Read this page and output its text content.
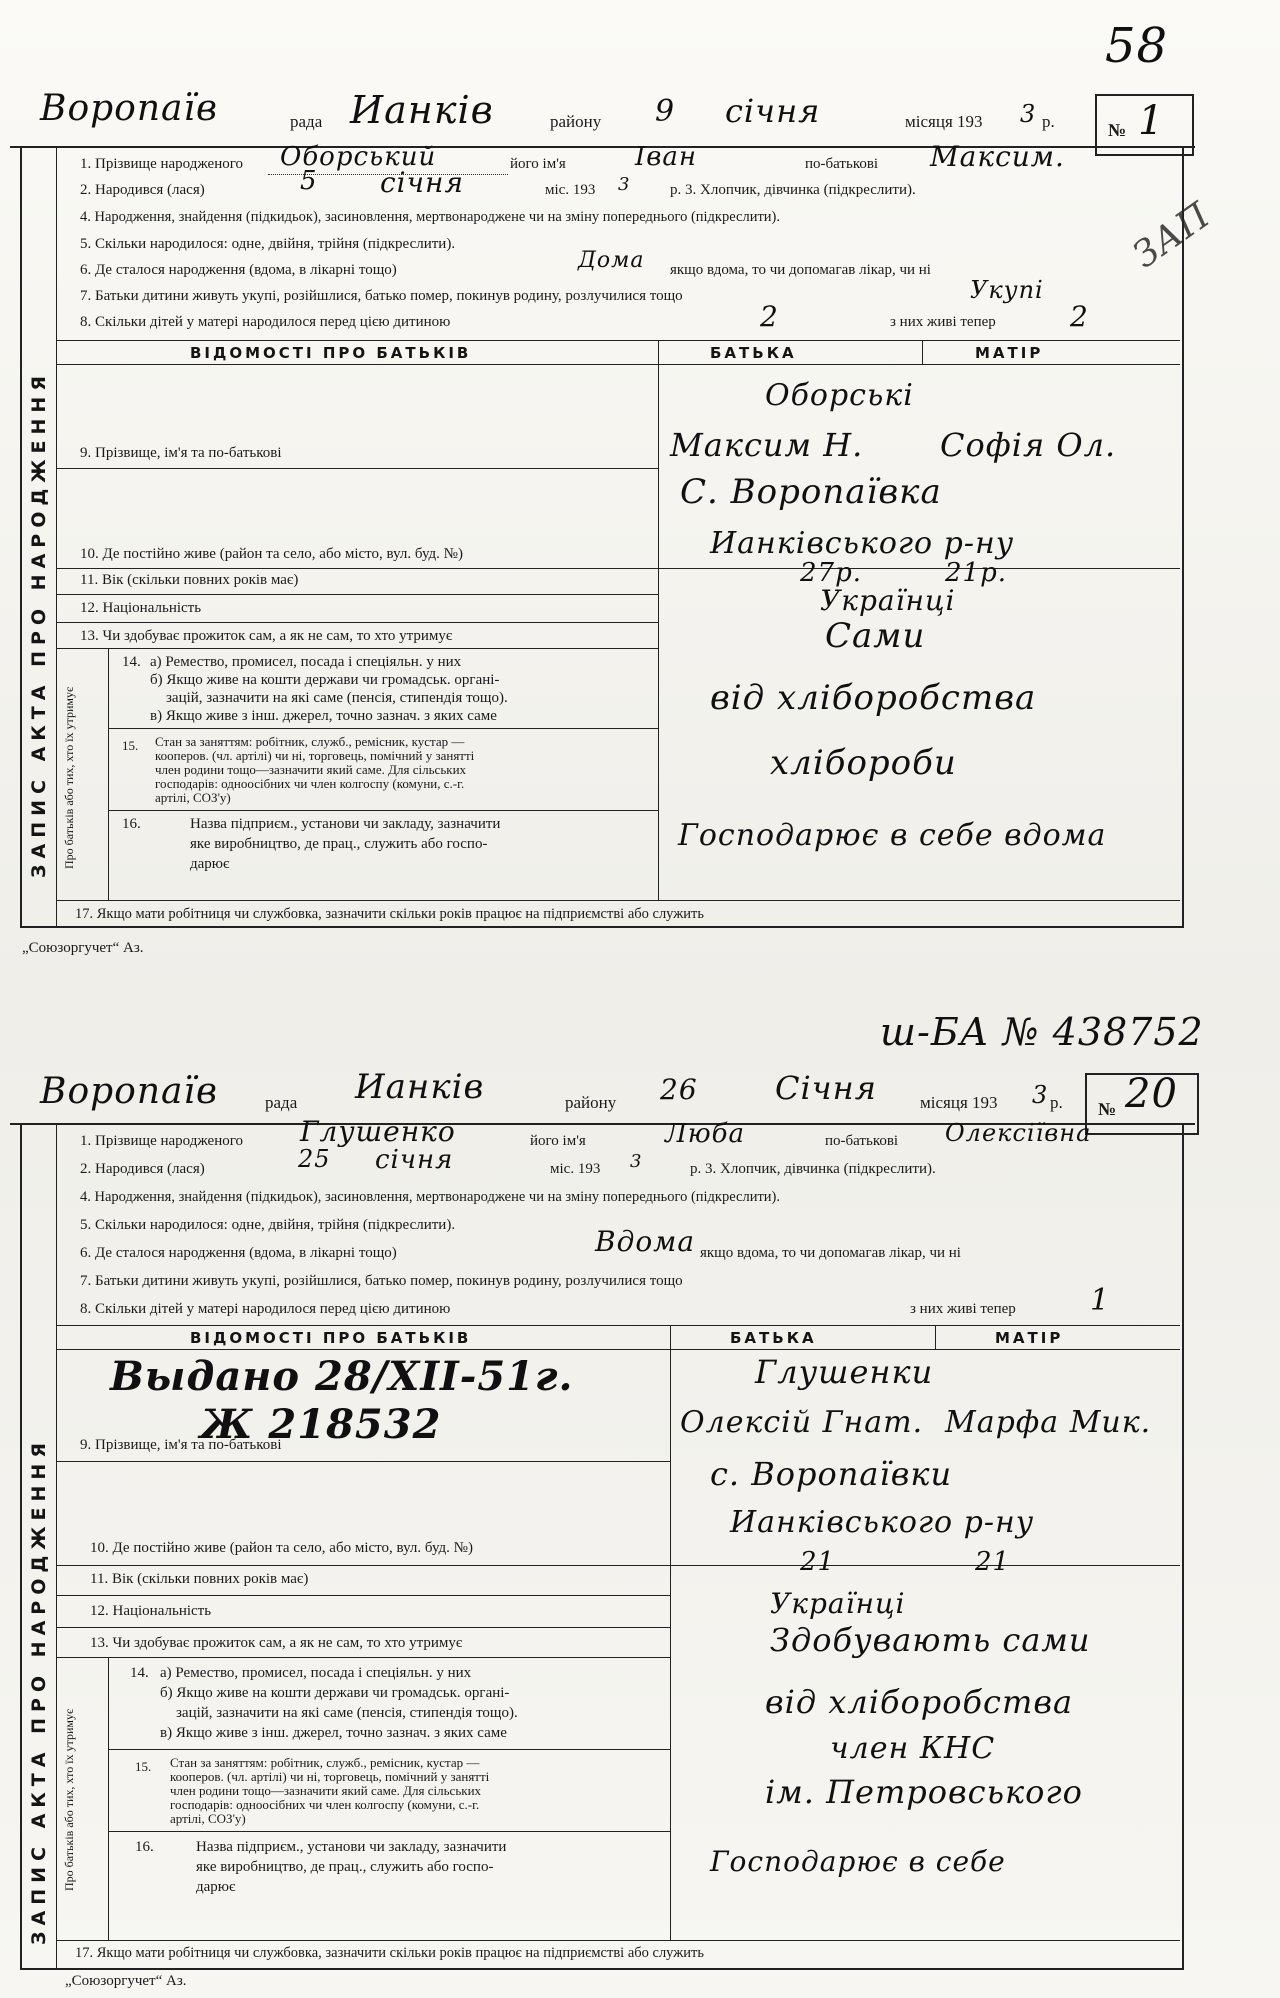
58
ЗАП
Воропаїв	рада Ианків	району 9 січня	місяця 193 3 р.	№ 1
ЗАПИС АКТА ПРО НАРОДЖЕННЯ
1. Прізвище народженого Оборський	його ім'я	Іван	по-батькові Максим.
2. Народився (лася)	5 січня	міс. 193 3	р. 3. Хлопчик, дівчинка (підкреслити).
4. Народження, знайдення (підкидьок), засиновлення, мертвонароджене чи на зміну попереднього (підкреслити).
5. Скільки народилося: одне, двійня, трійня (підкреслити).
6. Де сталося народження (вдома, в лікарні тощо)	Дома якщо вдома, то чи допомагав лікар, чи ні
7. Батьки дитини живуть укупі, розійшлися, батько помер, покинув родину, розлучилися тощо	Укупі
8. Скільки дітей у матері народилося перед цією дитиною	2	з них живі тепер	2
ВІДОМОСТІ ПРО БАТЬКІВ	БАТЬКА	МАТІР
Оборські
9. Прізвище, ім'я та по-батькові	Максим Н. Софія Ол.
С. Воропаївка
10. Де постійно живе (район та село, або місто, вул. буд. №)	Ианківського р-ну
11. Вік (скільки повних років має)	27р.	21р.
12. Національність	Українці
13. Чи здобуває прожиток сам, а як не сам, то хто утримує	Сами
Про батьків або тих, хто їх утримує
14. а) Ремество, промисел, посада і спеціяльн. у них
б) Якщо живе на кошти держави чи громадськ. органі-
зацій, зазначити на які саме (пенсія, стипендія тощо).
в) Якщо живе з інш. джерел, точно зазнач. з яких саме	від хліборобства
15. Стан за заняттям: робітник, служб., ремісник, кустар —
кооперов. (чл. артілі) чи ні, торговець, помічний у занятті
член родини тощо—зазначити який саме. Для сільських
господарів: одноосібних чи член колгоспу (комуни, с.-г.
артілі, СОЗ'у)
хлібороби
16.	Назва підприєм., установи чи закладу, зазначити
яке виробництво, де прац., служить або госпо-
дарює
Господарює в себе вдома
17. Якщо мати робітниця чи службовка, зазначити скільки років працює на підприємстві або служить
„Союзоргучет“ Аз.
ш-БА № 438752
Воропаїв	рада Ианків	району 26 Січня	місяця 193 3 р. № 20
ЗАПИС АКТА ПРО НАРОДЖЕННЯ
1. Прізвище народженого Глушенко	його ім'я	Люба	по-батькові Олексіївна
2. Народився (лася)	25 січня	міс. 193 3	р. 3. Хлопчик, дівчинка (підкреслити).
4. Народження, знайдення (підкидьок), засиновлення, мертвонароджене чи на зміну попереднього (підкреслити).
5. Скільки народилося: одне, двійня, трійня (підкреслити).
6. Де сталося народження (вдома, в лікарні тощо)	Вдома якщо вдома, то чи допомагав лікар, чи ні
7. Батьки дитини живуть укупі, розійшлися, батько помер, покинув родину, розлучилися тощо
8. Скільки дітей у матері народилося перед цією дитиною	з них живі тепер 1
ВІДОМОСТІ ПРО БАТЬКІВ	БАТЬКА	МАТІР
Выдано 28/XII-51г.
Ж 218532
Глушенки
9. Прізвище, ім'я та по-батькові
Олексій Гнат. Марфа Мик.
с. Воропаївки
Ианківського р-ну
10. Де постійно живе (район та село, або місто, вул. буд. №)
11. Вік (скільки повних років має)
21	21
12. Національність	Українці
13. Чи здобуває прожиток сам, а як не сам, то хто утримує	Здобувають сами
Про батьків або тих, хто їх утримує
14. а) Ремество, промисел, посада і спеціяльн. у них
б) Якщо живе на кошти держави чи громадськ. органі-
зацій, зазначити на які саме (пенсія, стипендія тощо).
в) Якщо живе з інш. джерел, точно зазнач. з яких саме
від хліборобства
15. Стан за заняттям: робітник, служб., ремісник, кустар —
кооперов. (чл. артілі) чи ні, торговець, помічний у занятті
член родини тощо—зазначити який саме. Для сільських
господарів: одноосібних чи член колгоспу (комуни, с.-г.
артілі, СОЗ'у)
член КНС
ім. Петровського
16.	Назва підприєм., установи чи закладу, зазначити
яке виробництво, де прац., служить або госпо-
дарює
Господарює в себе
17. Якщо мати робітниця чи службовка, зазначити скільки років працює на підприємстві або служить
„Союзоргучет“ Аз.
